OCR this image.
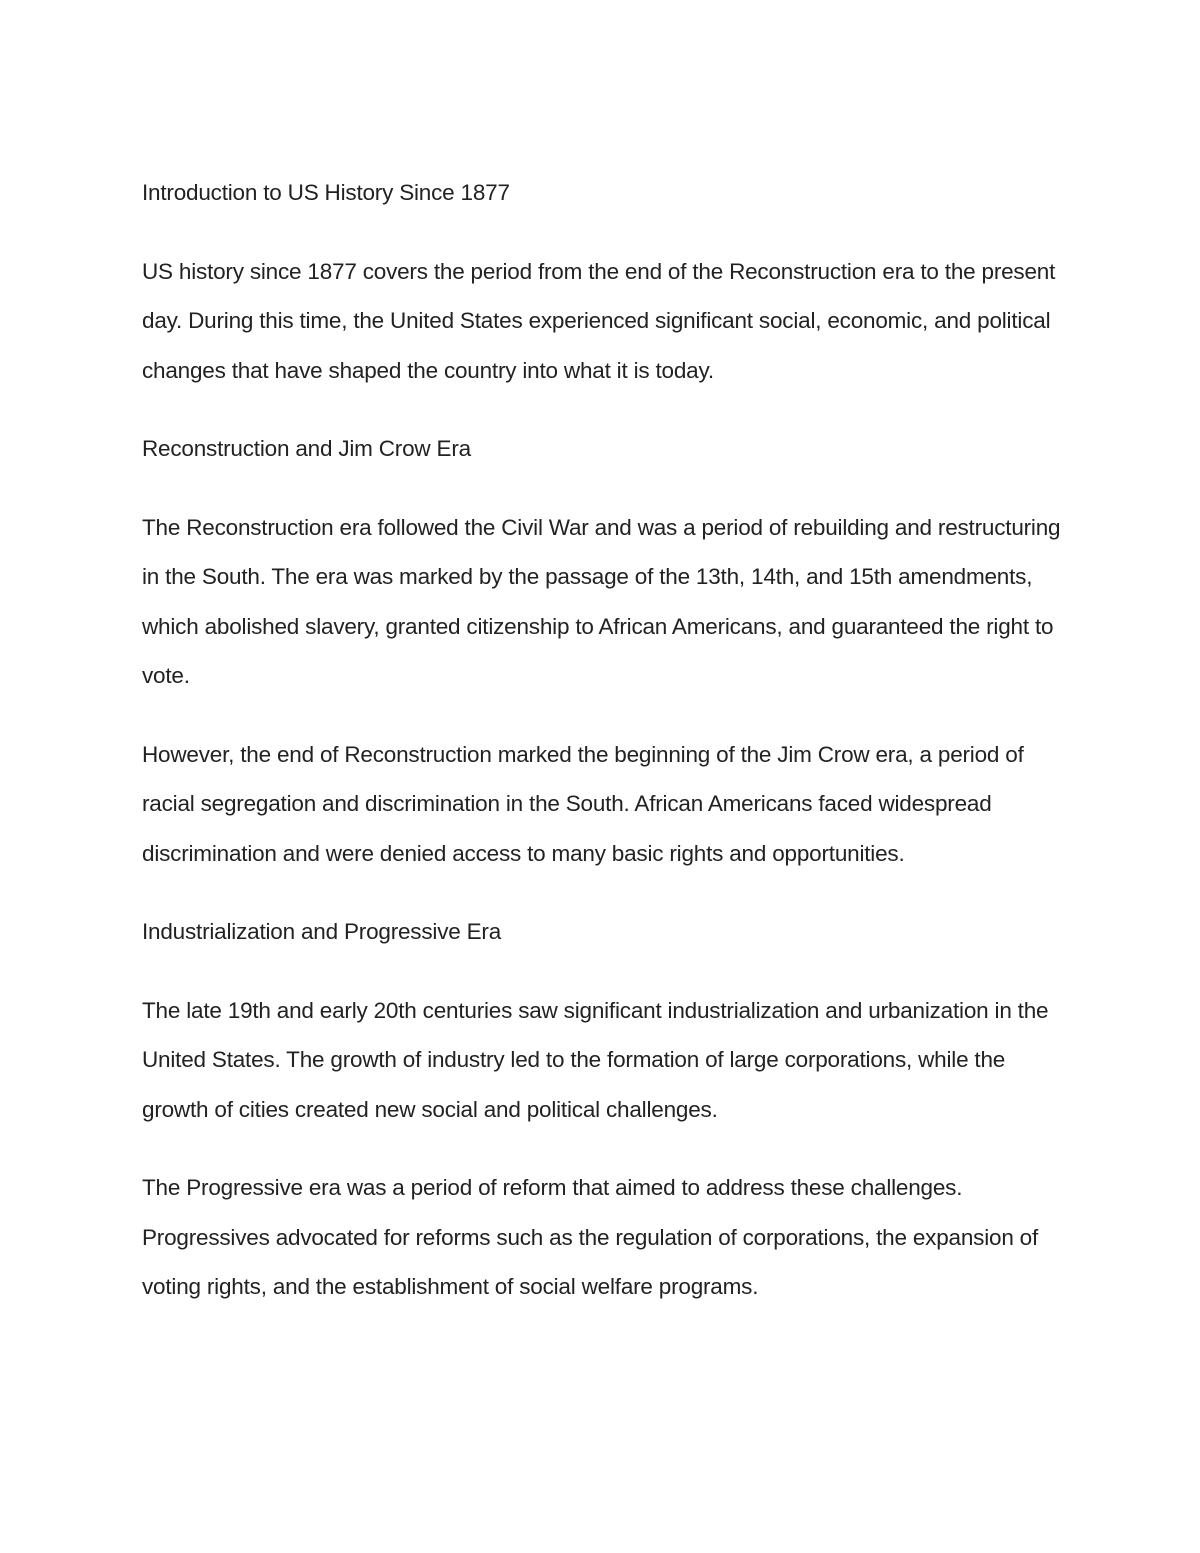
Introduction to US History Since 1877

US history since 1877 covers the period from the end of the Reconstruction era to the present day. During this time, the United States experienced significant social, economic, and political changes that have shaped the country into what it is today.

Reconstruction and Jim Crow Era

The Reconstruction era followed the Civil War and was a period of rebuilding and restructuring in the South. The era was marked by the passage of the 13th, 14th, and 15th amendments, which abolished slavery, granted citizenship to African Americans, and guaranteed the right to vote.

However, the end of Reconstruction marked the beginning of the Jim Crow era, a period of racial segregation and discrimination in the South. African Americans faced widespread discrimination and were denied access to many basic rights and opportunities.

Industrialization and Progressive Era

The late 19th and early 20th centuries saw significant industrialization and urbanization in the United States. The growth of industry led to the formation of large corporations, while the growth of cities created new social and political challenges.

The Progressive era was a period of reform that aimed to address these challenges. Progressives advocated for reforms such as the regulation of corporations, the expansion of voting rights, and the establishment of social welfare programs.
